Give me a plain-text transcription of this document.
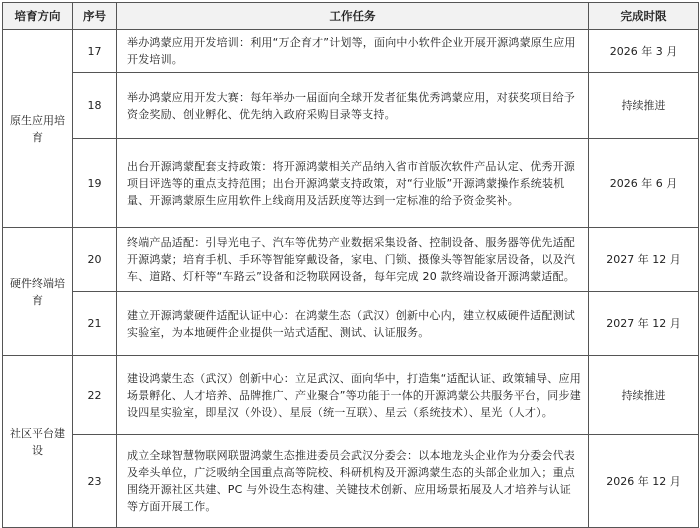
培育方向	序号	工作任务	完成时限
原生应用培育	17	举办鸿蒙应用开发培训：利用“万企育才”计划等，面向中小软件企业开展开源鸿蒙原生应用开发培训。	2026 年 3 月
	18	举办鸿蒙应用开发大赛：每年举办一届面向全球开发者征集优秀鸿蒙应用，对获奖项目给予资金奖励、创业孵化、优先纳入政府采购目录等支持。	持续推进
	19	出台开源鸿蒙配套支持政策：将开源鸿蒙相关产品纳入省市首版次软件产品认定、优秀开源项目评选等的重点支持范围；出台开源鸿蒙支持政策，对“行业版”开源鸿蒙操作系统装机量、开源鸿蒙原生应用软件上线商用及活跃度等达到一定标准的给予资金奖补。	2026 年 6 月
硬件终端培育	20	终端产品适配：引导光电子、汽车等优势产业数据采集设备、控制设备、服务器等优先适配开源鸿蒙；培育手机、手环等智能穿戴设备，家电、门锁、摄像头等智能家居设备，以及汽车、道路、灯杆等“车路云”设备和泛物联网设备，每年完成 20 款终端设备开源鸿蒙适配。	2027 年 12 月
	21	建立开源鸿蒙硬件适配认证中心：在鸿蒙生态（武汉）创新中心内，建立权威硬件适配测试实验室，为本地硬件企业提供一站式适配、测试、认证服务。	2027 年 12 月
社区平台建设	22	建设鸿蒙生态（武汉）创新中心：立足武汉、面向华中，打造集“适配认证、政策辅导、应用场景孵化、人才培养、品牌推广、产业聚合”等功能于一体的开源鸿蒙公共服务平台，同步建设四星实验室，即星汉（外设）、星辰（统一互联）、星云（系统技术）、星光（人才）。	持续推进
	23	成立全球智慧物联网联盟鸿蒙生态推进委员会武汉分委会：以本地龙头企业作为分委会代表及牵头单位，广泛吸纳全国重点高等院校、科研机构及开源鸿蒙生态的头部企业加入；重点围绕开源社区共建、PC 与外设生态构建、关键技术创新、应用场景拓展及人才培养与认证等方面开展工作。	2026 年 12 月
